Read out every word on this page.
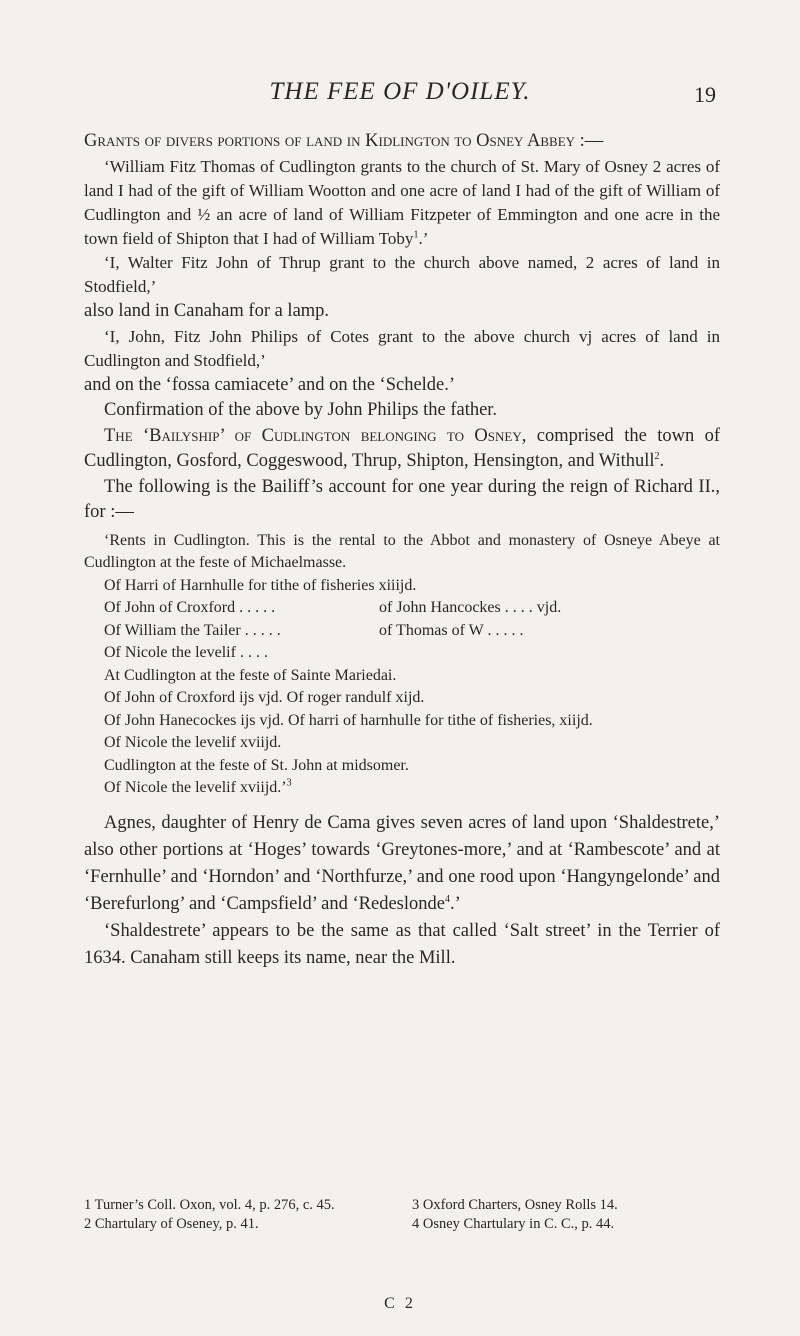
THE FEE OF D'OILEY.	19

Grants of divers portions of land in Kidlington to Osney Abbey :—

‘William Fitz Thomas of Cudlington grants to the church of St. Mary of Osney 2 acres of land I had of the gift of William Wootton and one acre of land I had of the gift of William of Cudlington and ½ an acre of land of William Fitzpeter of Emmington and one acre in the town field of Shipton that I had of William Toby$^1$.’

‘I, Walter Fitz John of Thrup grant to the church above named, 2 acres of land in Stodfield,’

also land in Canaham for a lamp.

‘I, John, Fitz John Philips of Cotes grant to the above church vj acres of land in Cudlington and Stodfield,’

and on the ‘fossa camiacete’ and on the ‘Schelde.’

Confirmation of the above by John Philips the father.

The ‘Bailyship’ of Cudlington belonging to Osney, comprised the town of Cudlington, Gosford, Coggeswood, Thrup, Shipton, Hensington, and Withull$^2$.

The following is the Bailiff’s account for one year during the reign of Richard II., for :—

‘Rents in Cudlington. This is the rental to the Abbot and monastery of Osneye Abeye at Cudlington at the feste of Michaelmasse.

Of Harri of Harnhulle for tithe of fisheries xiiijd.

Of John of Croxford . . . . .	of John Hancockes . . . . vjd.
Of William the Tailer . . . . .	of Thomas of W . . . . .

Of Nicole the levelif . . . .

At Cudlington at the feste of Sainte Mariedai.

Of John of Croxford ijs vjd. Of roger randulf xijd.

Of John Hanecockes ijs vjd. Of harri of harnhulle for tithe of fisheries, xiijd.

Of Nicole the levelif xviijd.

Cudlington at the feste of St. John at midsomer.

Of Nicole the levelif xviijd.’$^3$

Agnes, daughter of Henry de Cama gives seven acres of land upon ‘Shaldestrete,’ also other portions at ‘Hoges’ towards ‘Greytones-more,’ and at ‘Rambescote’ and at ‘Fernhulle’ and ‘Horndon’ and ‘Northfurze,’ and one rood upon ‘Hangyngelonde’ and ‘Berefurlong’ and ‘Campsfield’ and ‘Redeslonde$^4$.’

‘Shaldestrete’ appears to be the same as that called ‘Salt street’ in the Terrier of 1634. Canaham still keeps its name, near the Mill.

1 Turner’s Coll. Oxon, vol. 4, p. 276, c. 45.
2 Chartulary of Oseney, p. 41.
3 Oxford Charters, Osney Rolls 14.
4 Osney Chartulary in C. C., p. 44.
C 2
